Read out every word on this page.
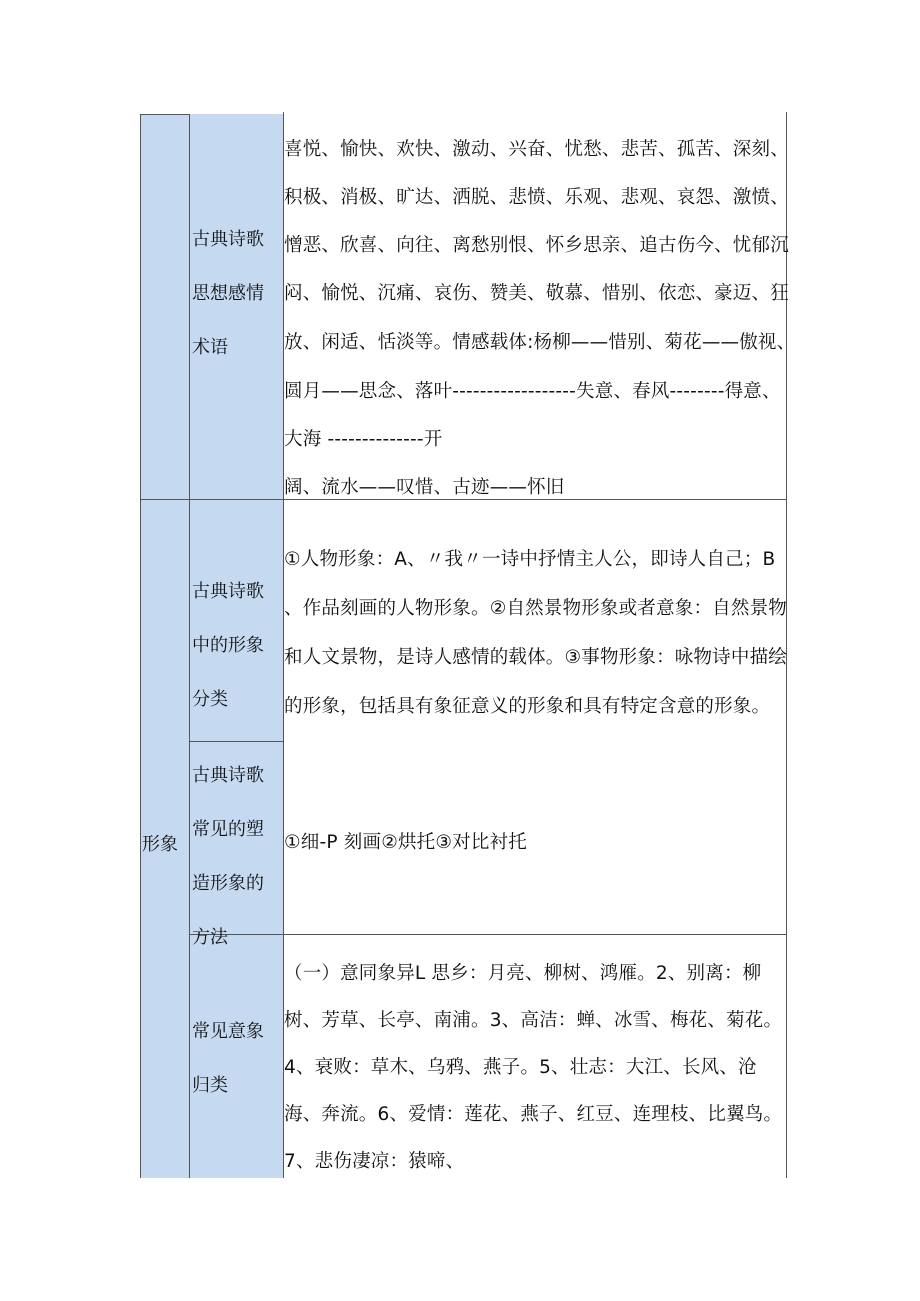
形象
古典诗歌
思想感情
术语
喜悦、愉快、欢快、激动、兴奋、忧愁、悲苦、孤苦、深刻、
积极、消极、旷达、洒脱、悲愤、乐观、悲观、哀怨、激愤、
憎恶、欣喜、向往、离愁别恨、怀乡思亲、追古伤今、忧郁沉
闷、愉悦、沉痛、哀伤、赞美、敬慕、惜别、依恋、豪迈、狂
放、闲适、恬淡等。情感载体:杨柳——惜别、菊花——傲视、
圆月——思念、落叶------------------失意、春风--------得意、
大海 --------------开
阔、流水——叹惜、古迹——怀旧
古典诗歌
中的形象
分类
①人物形象：A、〃我〃一诗中抒情主人公，即诗人自己；B
、作品刻画的人物形象。②自然景物形象或者意象：自然景物
和人文景物，是诗人感情的载体。③事物形象：咏物诗中描绘
的形象，包括具有象征意义的形象和具有特定含意的形象。
古典诗歌
常见的塑
造形象的
方法
①细-P 刻画②烘托③对比衬托
常见意象
归类
（一）意同象异L 思乡：月亮、柳树、鸿雁。2、别离：柳
树、芳草、长亭、南浦。3、高洁：蝉、冰雪、梅花、菊花。
4、衰败：草木、乌鸦、燕子。5、壮志：大江、长风、沧
海、奔流。6、爱情：莲花、燕子、红豆、连理枝、比翼鸟。
7、悲伤凄凉：猿啼、
